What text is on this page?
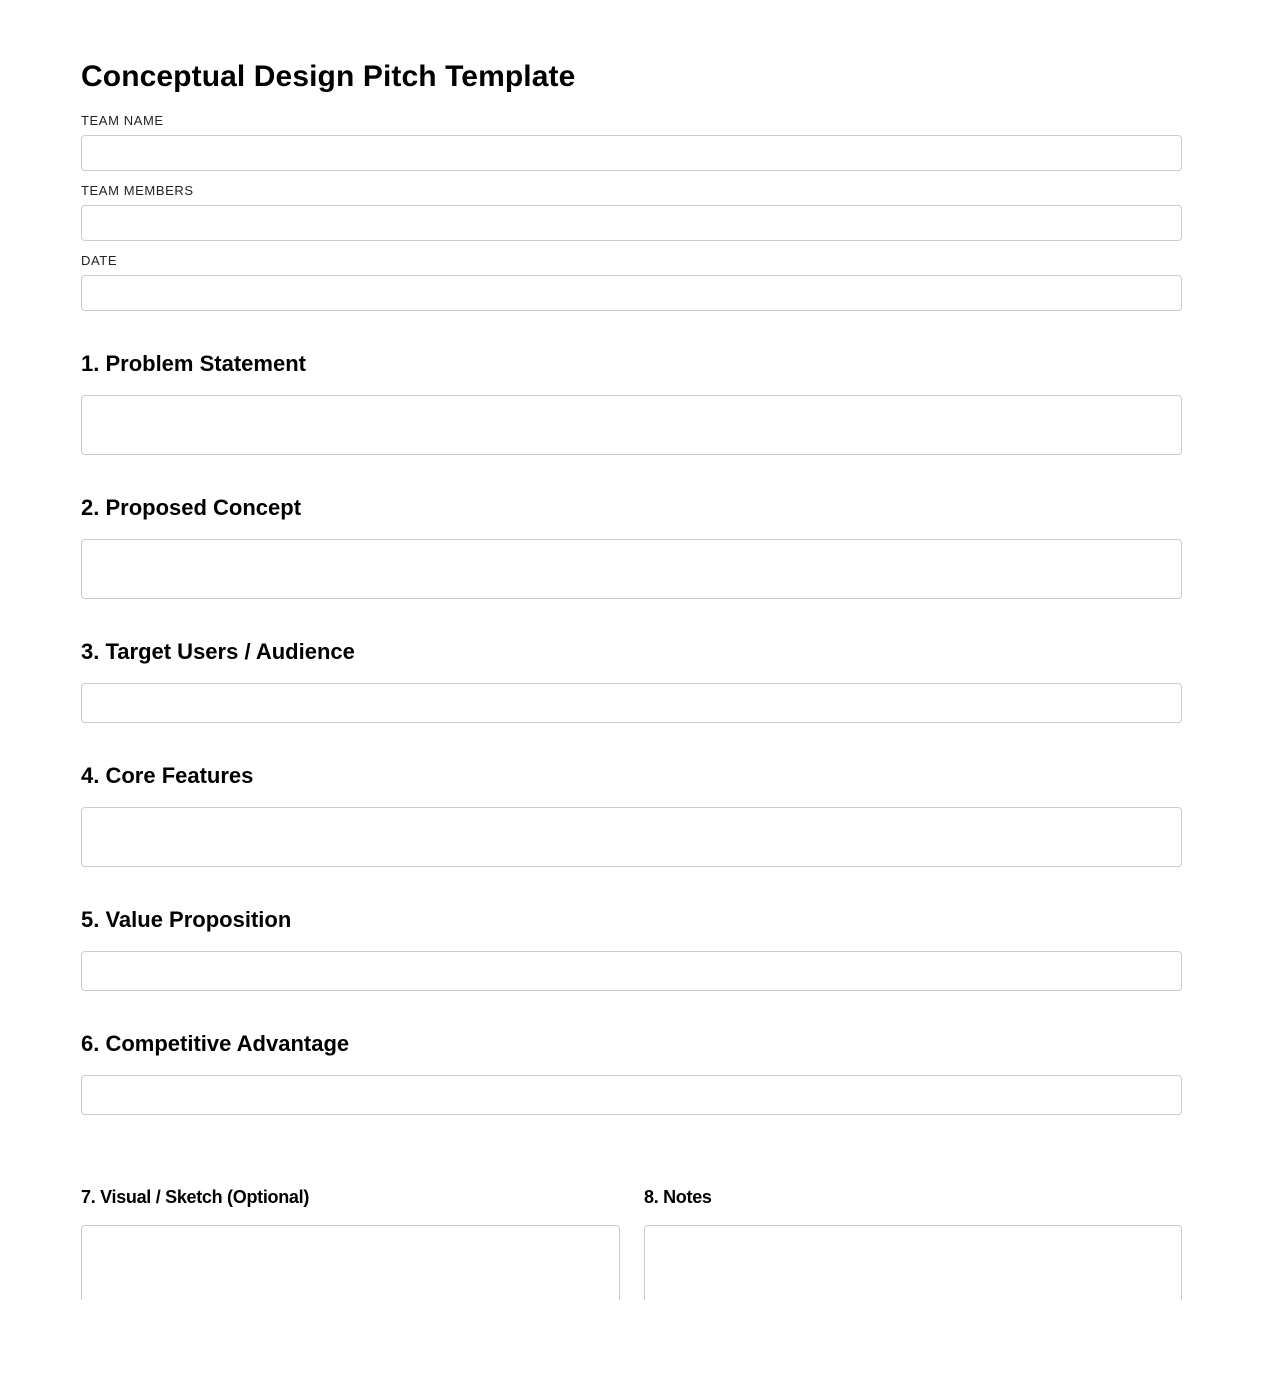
Conceptual Design Pitch Template
TEAM NAME
TEAM MEMBERS
DATE
1. Problem Statement
2. Proposed Concept
3. Target Users / Audience
4. Core Features
5. Value Proposition
6. Competitive Advantage
7. Visual / Sketch (Optional)	8. Notes
